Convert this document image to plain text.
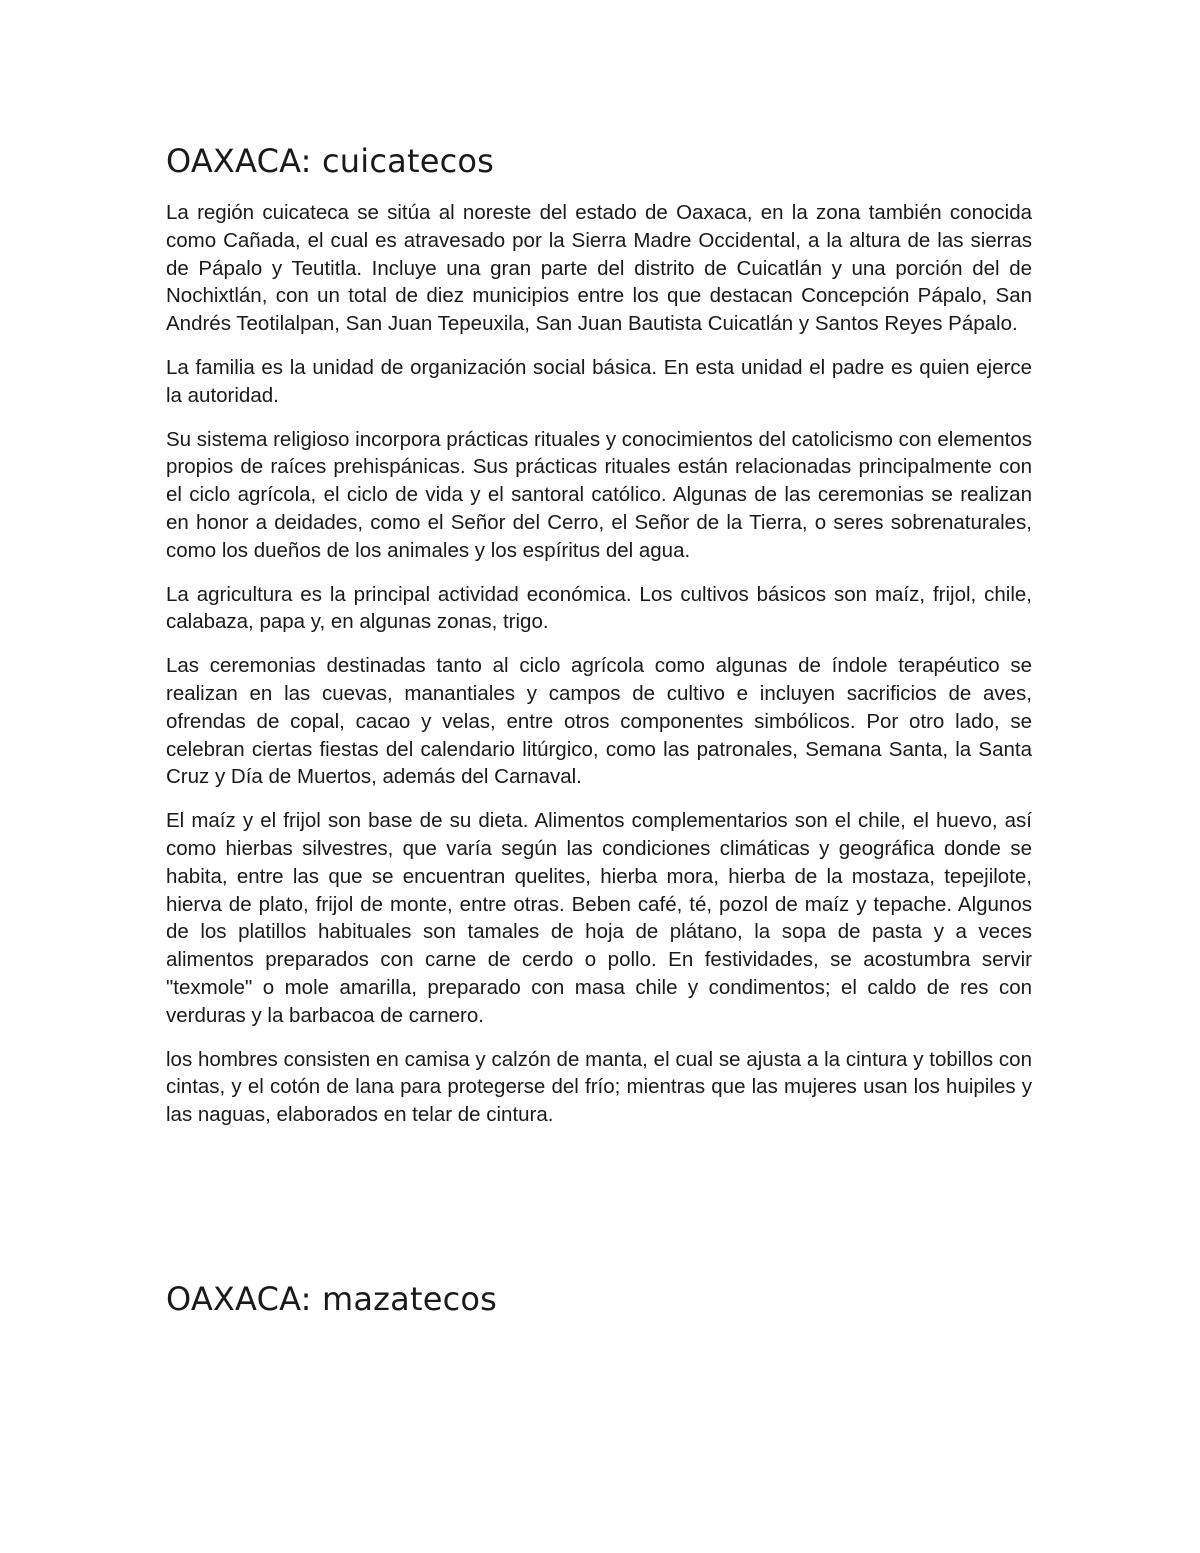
OAXACA: cuicatecos

La región cuicateca se sitúa al noreste del estado de Oaxaca, en la zona también conocida como Cañada, el cual es atravesado por la Sierra Madre Occidental, a la altura de las sierras de Pápalo y Teutitla. Incluye una gran parte del distrito de Cuicatlán y una porción del de Nochixtlán, con un total de diez municipios entre los que destacan Concepción Pápalo, San Andrés Teotilalpan, San Juan Tepeuxila, San Juan Bautista Cuicatlán y Santos Reyes Pápalo.

La familia es la unidad de organización social básica. En esta unidad el padre es quien ejerce la autoridad.

Su sistema religioso incorpora prácticas rituales y conocimientos del catolicismo con elementos propios de raíces prehispánicas. Sus prácticas rituales están relacionadas principalmente con el ciclo agrícola, el ciclo de vida y el santoral católico. Algunas de las ceremonias se realizan en honor a deidades, como el Señor del Cerro, el Señor de la Tierra, o seres sobrenaturales, como los dueños de los animales y los espíritus del agua.

La agricultura es la principal actividad económica. Los cultivos básicos son maíz, frijol, chile, calabaza, papa y, en algunas zonas, trigo.

Las ceremonias destinadas tanto al ciclo agrícola como algunas de índole terapéutico se realizan en las cuevas, manantiales y campos de cultivo e incluyen sacrificios de aves, ofrendas de copal, cacao y velas, entre otros componentes simbólicos. Por otro lado, se celebran ciertas fiestas del calendario litúrgico, como las patronales, Semana Santa, la Santa Cruz y Día de Muertos, además del Carnaval.

El maíz y el frijol son base de su dieta. Alimentos complementarios son el chile, el huevo, así como hierbas silvestres, que varía según las condiciones climáticas y geográfica donde se habita, entre las que se encuentran quelites, hierba mora, hierba de la mostaza, tepejilote, hierva de plato, frijol de monte, entre otras. Beben café, té, pozol de maíz y tepache. Algunos de los platillos habituales son tamales de hoja de plátano, la sopa de pasta y a veces alimentos preparados con carne de cerdo o pollo. En festividades, se acostumbra servir "texmole" o mole amarilla, preparado con masa chile y condimentos; el caldo de res con verduras y la barbacoa de carnero.

los hombres consisten en camisa y calzón de manta, el cual se ajusta a la cintura y tobillos con cintas, y el cotón de lana para protegerse del frío; mientras que las mujeres usan los huipiles y las naguas, elaborados en telar de cintura.

OAXACA: mazatecos
